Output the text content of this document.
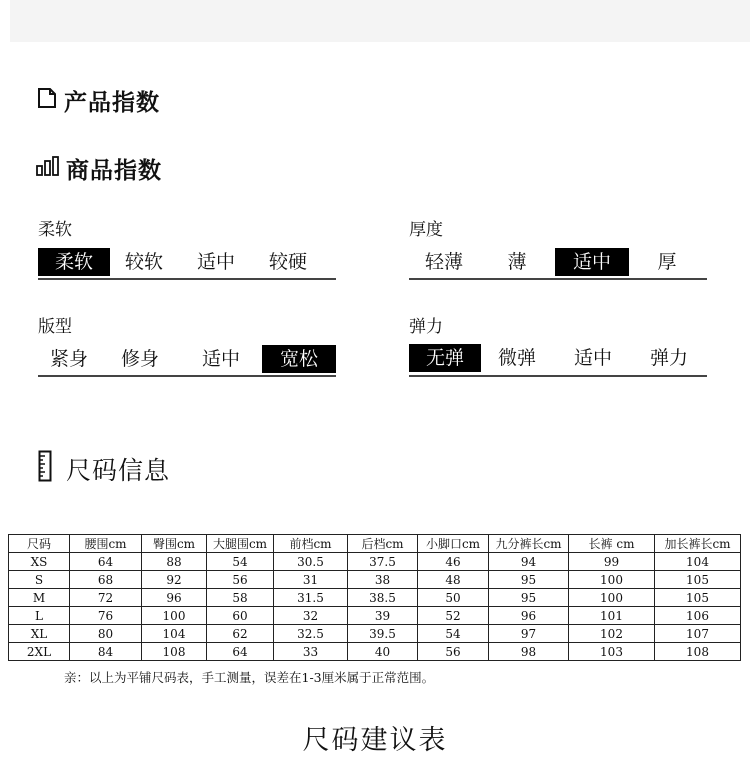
产品指数
商品指数
柔软
柔软	较软	适中	较硬
厚度
轻薄	薄	适中	厚
版型
紧身	修身	适中	宽松
弹力
无弹	微弹	适中	弹力
尺码信息
尺码	腰围cm	臀围cm	大腿围cm	前档cm	后档cm	小脚口cm	九分裤长cm	长裤 cm	加长裤长cm
XS	64	88	54	30.5	37.5	46	94	99	104
S	68	92	56	31	38	48	95	100	105
M	72	96	58	31.5	38.5	50	95	100	105
L	76	100	60	32	39	52	96	101	106
XL	80	104	62	32.5	39.5	54	97	102	107
2XL	84	108	64	33	40	56	98	103	108
亲：以上为平铺尺码表，手工测量，误差在1-3厘米属于正常范围。
尺码建议表
